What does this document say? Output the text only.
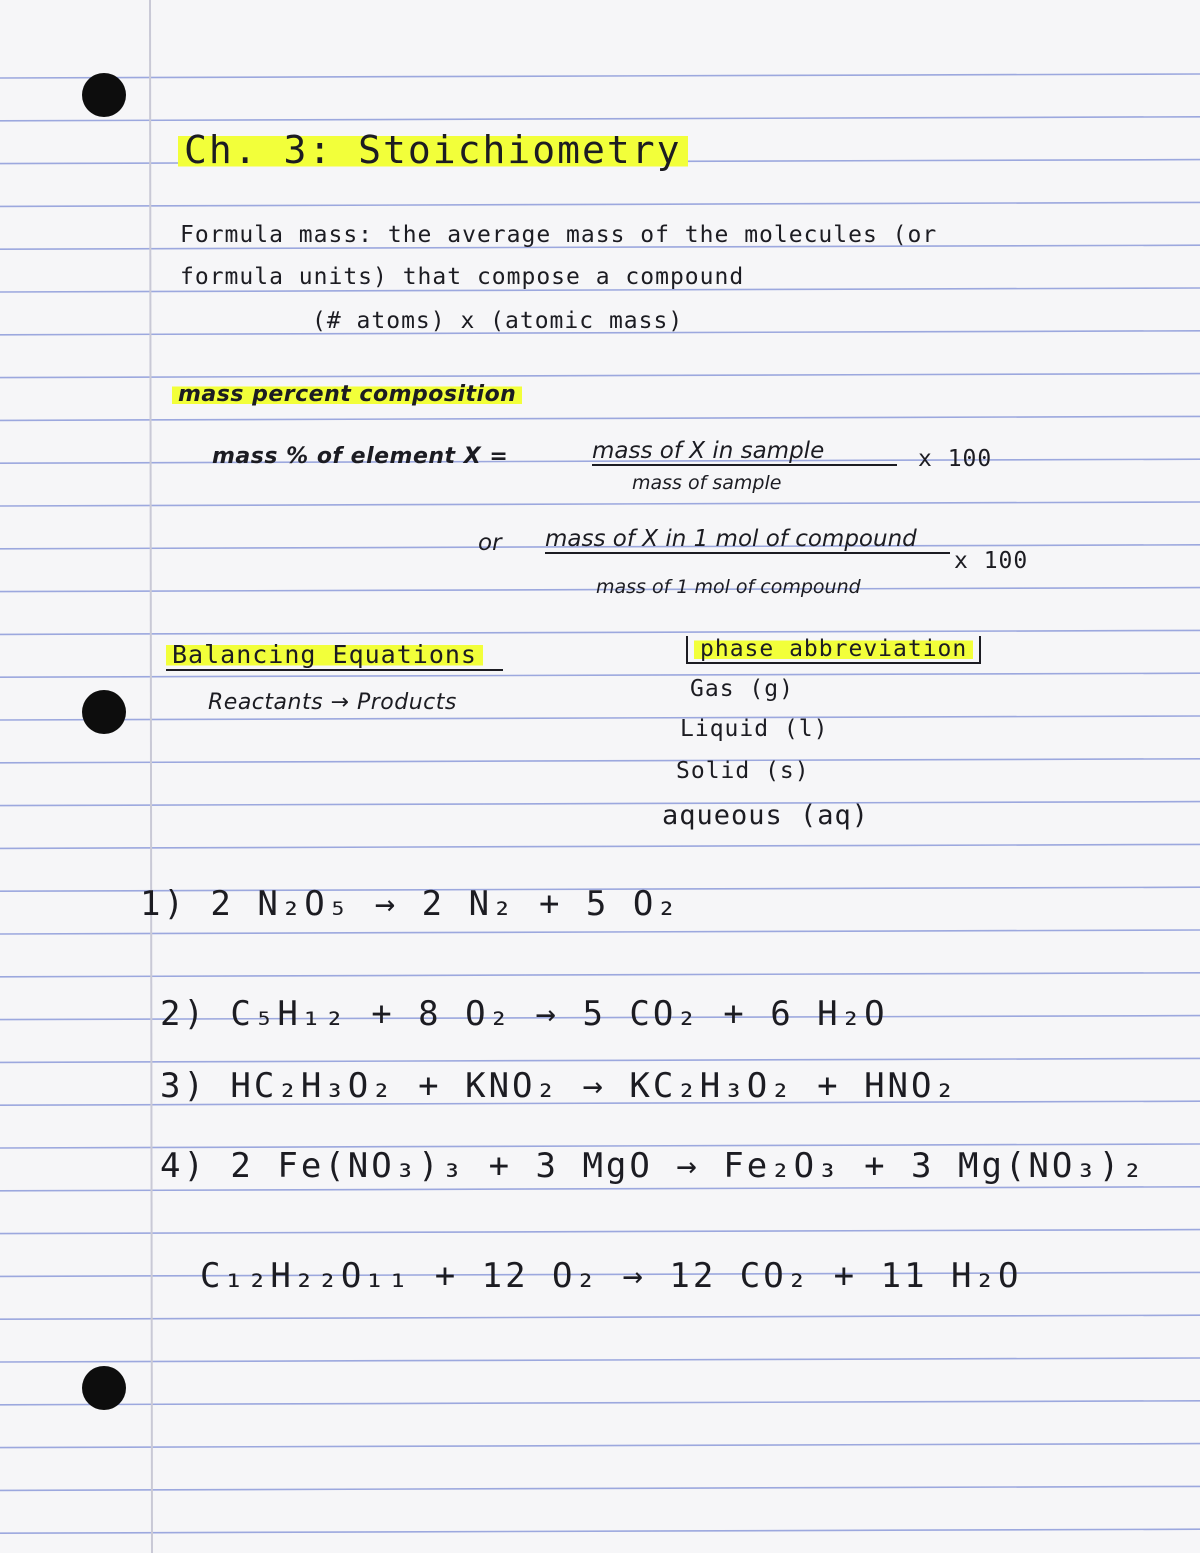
Ch. 3: Stoichiometry
Formula mass: the average mass of the molecules (or
formula units) that compose a compound
(# atoms) x (atomic mass)
mass percent composition
mass % of element X =	mass of X in sample
mass of sample
x 100
or mass of X in 1 mol of compound
mass of 1 mol of compound
x 100
Balancing Equations
Reactants → Products
phase abbreviation
Gas (g)
Liquid (l)
Solid (s)
aqueous (aq)
1) 2 N₂O₅ → 2 N₂ + 5 O₂
2) C₅H₁₂ + 8 O₂ → 5 CO₂ + 6 H₂O
3) HC₂H₃O₂ + KNO₂ → KC₂H₃O₂ + HNO₂
4) 2 Fe(NO₃)₃ + 3 MgO → Fe₂O₃ + 3 Mg(NO₃)₂
C₁₂H₂₂O₁₁ + 12 O₂ → 12 CO₂ + 11 H₂O
